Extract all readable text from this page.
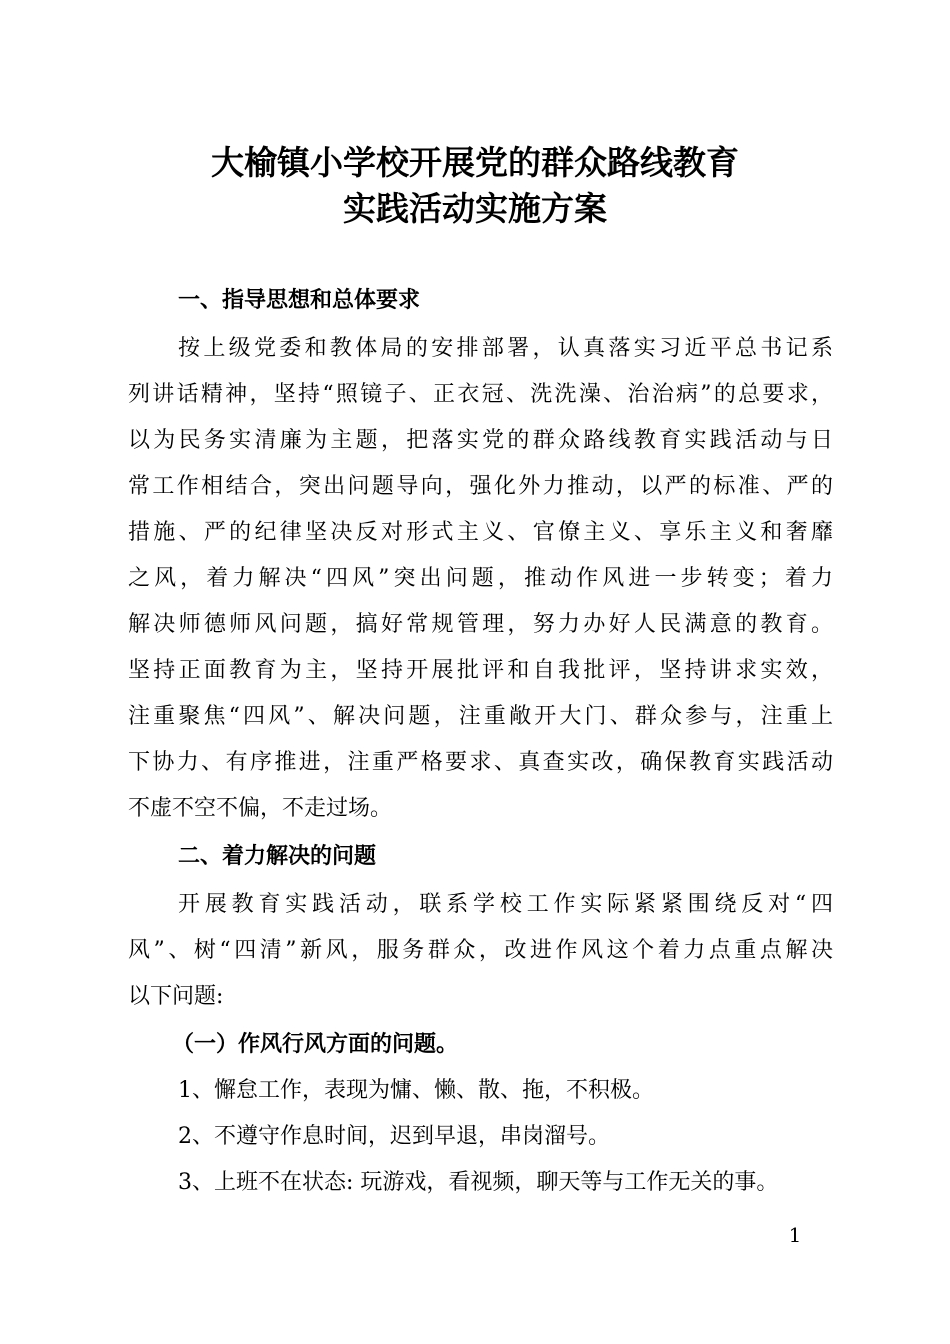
大榆镇小学校开展党的群众路线教育
实践活动实施方案
一、指导思想和总体要求
按上级党委和教体局的安排部署，认真落实习近平总书记系
列讲话精神，坚持“照镜子、正衣冠、洗洗澡、治治病”的总要求，
以为民务实清廉为主题，把落实党的群众路线教育实践活动与日
常工作相结合，突出问题导向，强化外力推动，以严的标准、严的
措施、严的纪律坚决反对形式主义、官僚主义、享乐主义和奢靡
之风，着力解决“四风”突出问题，推动作风进一步转变；着力
解决师德师风问题，搞好常规管理，努力办好人民满意的教育。
坚持正面教育为主，坚持开展批评和自我批评，坚持讲求实效，
注重聚焦“四风”、解决问题，注重敞开大门、群众参与，注重上
下协力、有序推进，注重严格要求、真查实改，确保教育实践活动
不虚不空不偏，不走过场。
二、着力解决的问题
开展教育实践活动，联系学校工作实际紧紧围绕反对“四
风”、树“四清”新风，服务群众，改进作风这个着力点重点解决
以下问题:
（一）作风行风方面的问题。
1、懈怠工作，表现为慵、懒、散、拖，不积极。
2、不遵守作息时间，迟到早退，串岗溜号。
3、上班不在状态: 玩游戏，看视频，聊天等与工作无关的事。
1
